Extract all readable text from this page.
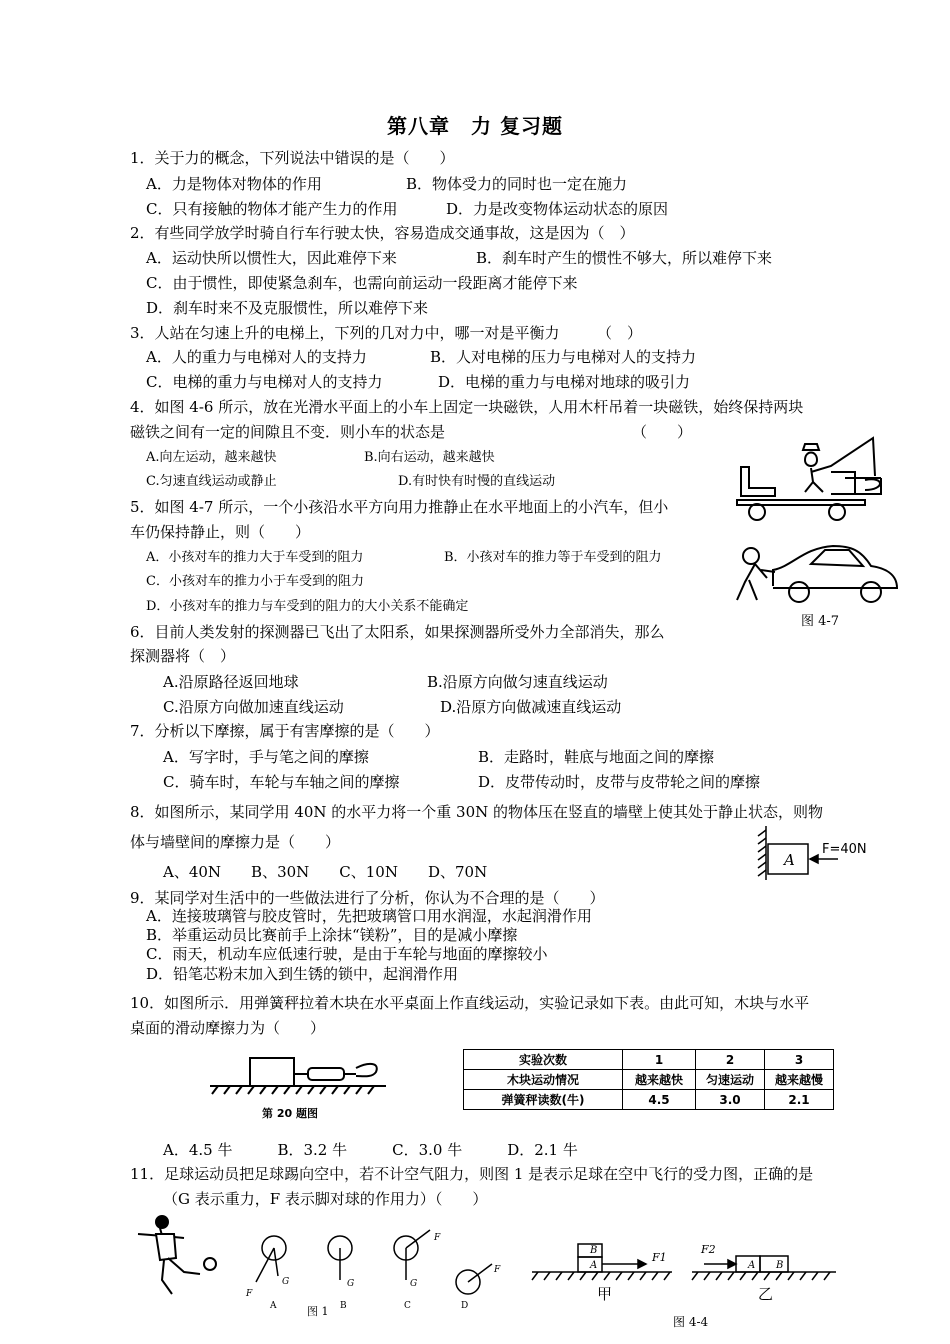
第八章　力 复习题
1．关于力的概念，下列说法中错误的是（　　）
A．力是物体对物体的作用	B．物体受力的同时也一定在施力
C．只有接触的物体才能产生力的作用	D．力是改变物体运动状态的原因
2．有些同学放学时骑自行车行驶太快，容易造成交通事故，这是因为（　）
A．运动快所以惯性大，因此难停下来	B．刹车时产生的惯性不够大，所以难停下来
C．由于惯性，即使紧急刹车，也需向前运动一段距离才能停下来
D．刹车时来不及克服惯性，所以难停下来
3．人站在匀速上升的电梯上，下列的几对力中，哪一对是平衡力　　　（　）
A．人的重力与电梯对人的支持力	B．人对电梯的压力与电梯对人的支持力
C．电梯的重力与电梯对人的支持力	D．电梯的重力与电梯对地球的吸引力
4．如图 4-6 所示，放在光滑水平面上的小车上固定一块磁铁，人用木杆吊着一块磁铁，始终保持两块
磁铁之间有一定的间隙且不变．则小车的状态是	（　　）
A.向左运动，越来越快	B.向右运动，越来越快
C.匀速直线运动或静止	D.有时快有时慢的直线运动
5．如图 4-7 所示，一个小孩沿水平方向用力推静止在水平地面上的小汽车，但小
车仍保持静止，则（　　）
A．小孩对车的推力大于车受到的阻力	B．小孩对车的推力等于车受到的阻力
C．小孩对车的推力小于车受到的阻力
D．小孩对车的推力与车受到的阻力的大小关系不能确定
图 4-7
6．目前人类发射的探测器已飞出了太阳系，如果探测器所受外力全部消失，那么
探测器将（　）
A.沿原路径返回地球	B.沿原方向做匀速直线运动
C.沿原方向做加速直线运动	D.沿原方向做减速直线运动
7．分析以下摩擦，属于有害摩擦的是（　　）
A．写字时，手与笔之间的摩擦	B．走路时，鞋底与地面之间的摩擦
C．骑车时，车轮与车轴之间的摩擦	D．皮带传动时，皮带与皮带轮之间的摩擦
8．如图所示，某同学用 40N 的水平力将一个重 30N 的物体压在竖直的墙壁上使其处于静止状态，则物
体与墙壁间的摩擦力是（　　）
A、40N　　B、30N　　C、10N　　D、70N
A
F=40N
9．某同学对生活中的一些做法进行了分析，你认为不合理的是（　　）
A．连接玻璃管与胶皮管时，先把玻璃管口用水润湿，水起润滑作用
B．举重运动员比赛前手上涂抹“镁粉”，目的是减小摩擦
C．雨天，机动车应低速行驶，是由于车轮与地面的摩擦较小
D．铅笔芯粉末加入到生锈的锁中，起润滑作用
10．如图所示．用弹簧秤拉着木块在水平桌面上作直线运动，实验记录如下表。由此可知，木块与水平
桌面的滑动摩擦力为（　　）
第 20 题图
实验次数	1	2	3
木块运动情况	越来越快	匀速运动	越来越慢
弹簧秤读数(牛)	4.5	3.0	2.1
A．4.5 牛　　　B．3.2 牛　　　C．3.0 牛　　　D．2.1 牛
11．足球运动员把足球踢向空中，若不计空气阻力，则图 1 是表示足球在空中飞行的受力图，正确的是
（G 表示重力，F 表示脚对球的作用力）（　　）
A	B	C	D
G
F
G	G
F
F
图 1
B
A
F1
甲
F2
A B
乙
图 4-4
